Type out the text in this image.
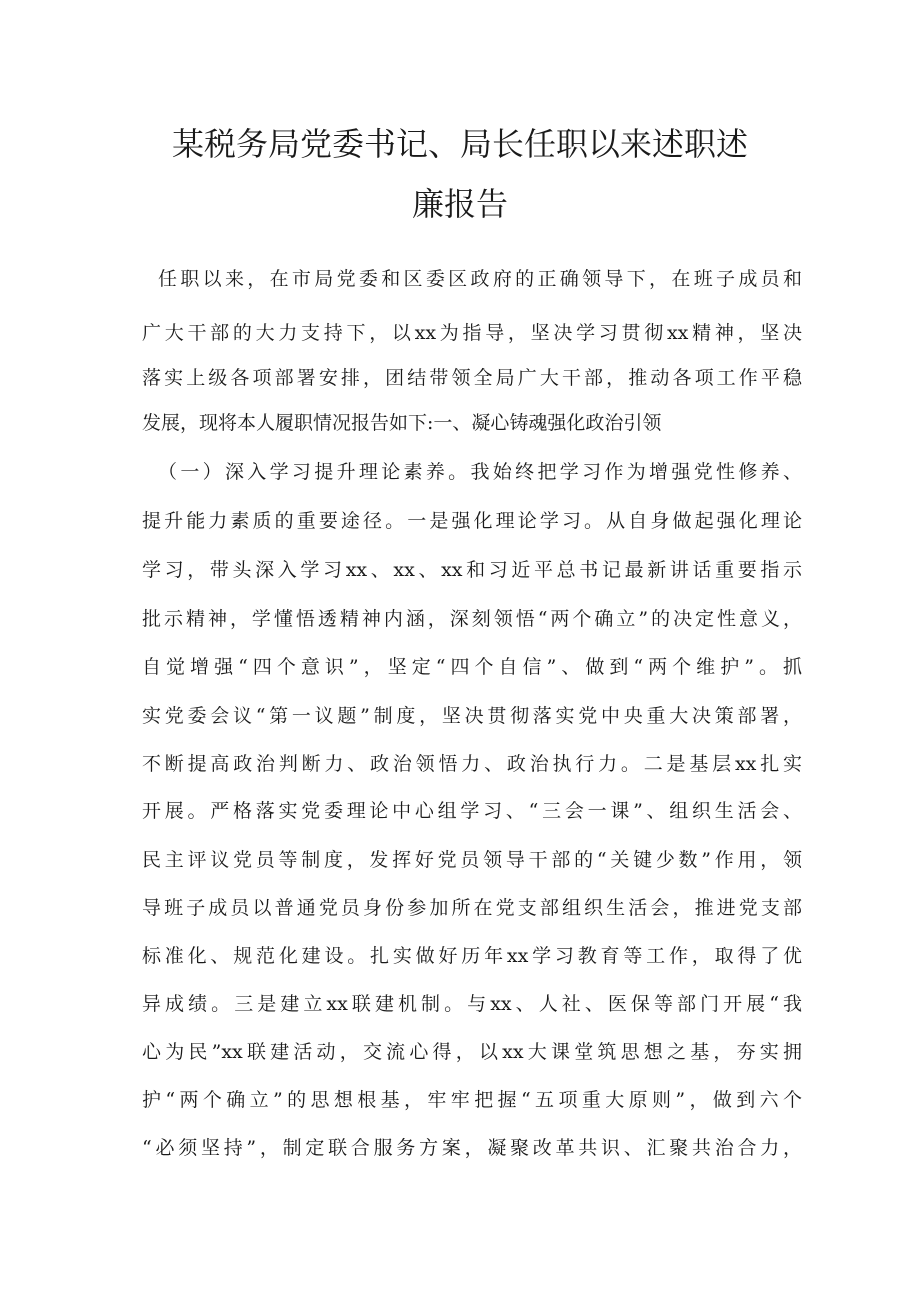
某税务局党委书记、局长任职以来述职述
廉报告
任职以来，在市局党委和区委区政府的正确领导下，在班子成员和
广大干部的大力支持下，以xx为指导，坚决学习贯彻xx精神，坚决
落实上级各项部署安排，团结带领全局广大干部，推动各项工作平稳
发展，现将本人履职情况报告如下:一、凝心铸魂强化政治引领
（一）深入学习提升理论素养。我始终把学习作为增强党性修养、
提升能力素质的重要途径。一是强化理论学习。从自身做起强化理论
学习，带头深入学习xx、xx、xx和习近平总书记最新讲话重要指示
批示精神，学懂悟透精神内涵，深刻领悟“两个确立”的决定性意义，
自觉增强“四个意识”，坚定“四个自信”、做到“两个维护”。抓
实党委会议“第一议题”制度，坚决贯彻落实党中央重大决策部署，
不断提高政治判断力、政治领悟力、政治执行力。二是基层xx扎实
开展。严格落实党委理论中心组学习、“三会一课”、组织生活会、
民主评议党员等制度，发挥好党员领导干部的“关键少数”作用，领
导班子成员以普通党员身份参加所在党支部组织生活会，推进党支部
标准化、规范化建设。扎实做好历年xx学习教育等工作，取得了优
异成绩。三是建立xx联建机制。与xx、人社、医保等部门开展“我
心为民”xx联建活动，交流心得，以xx大课堂筑思想之基，夯实拥
护“两个确立”的思想根基，牢牢把握“五项重大原则”，做到六个
“必须坚持”，制定联合服务方案，凝聚改革共识、汇聚共治合力，
